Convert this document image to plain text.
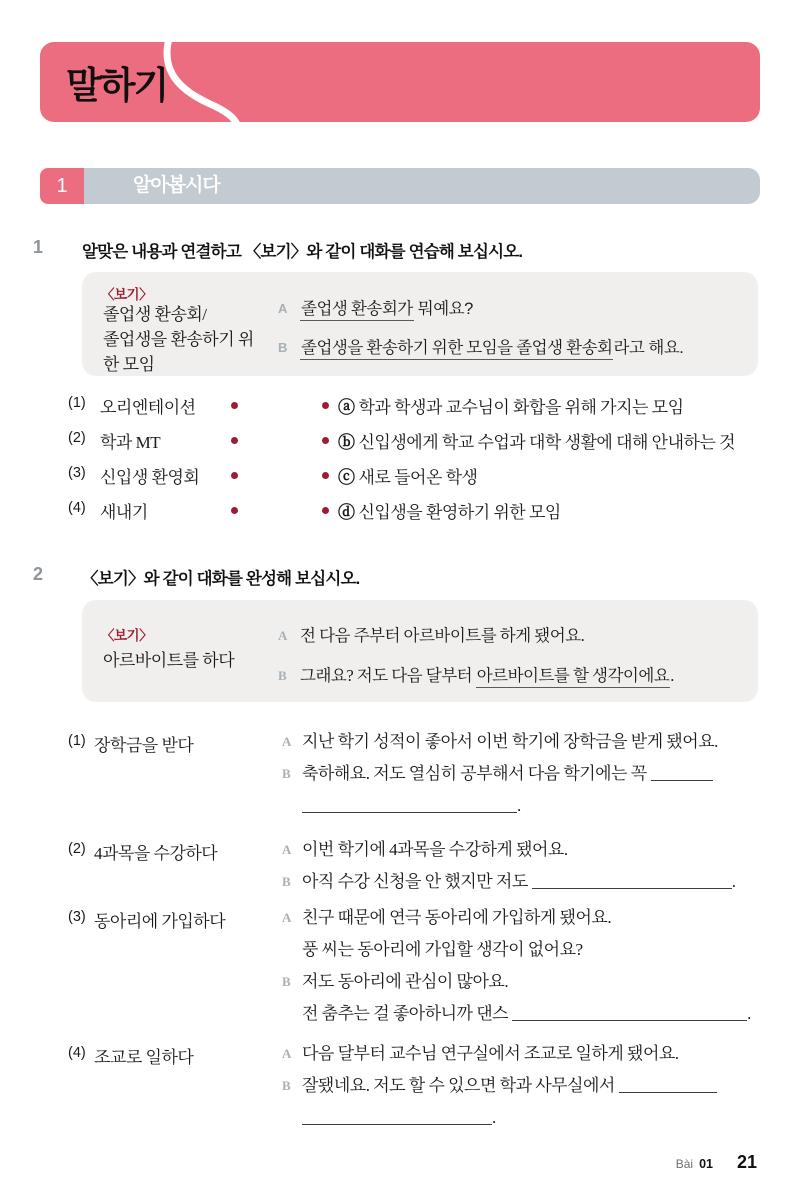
말하기
1	알아봅시다
1 알맞은 내용과 연결하고 〈보기〉와 같이 대화를 연습해 보십시오.
〈보기〉
졸업생 환송회/
졸업생을 환송하기 위
한 모임
A 졸업생 환송회가 뭐예요?
B 졸업생을 환송하기 위한 모임을 졸업생 환송회라고 해요.
(1) 오리엔테이션	ⓐ 학과 학생과 교수님이 화합을 위해 가지는 모임
(2) 학과 MT	ⓑ 신입생에게 학교 수업과 대학 생활에 대해 안내하는 것
(3) 신입생 환영회	ⓒ 새로 들어온 학생
(4) 새내기	ⓓ 신입생을 환영하기 위한 모임
2 〈보기〉와 같이 대화를 완성해 보십시오.
〈보기〉
아르바이트를 하다
A 전 다음 주부터 아르바이트를 하게 됐어요.
B 그래요? 저도 다음 달부터 아르바이트를 할 생각이에요.
(1) 장학금을 받다	A 지난 학기 성적이 좋아서 이번 학기에 장학금을 받게 됐어요.
B 축하해요. 저도 열심히 공부해서 다음 학기에는 꼭
.
(2) 4과목을 수강하다	A 이번 학기에 4과목을 수강하게 됐어요.
B 아직 수강 신청을 안 했지만 저도	.
(3) 동아리에 가입하다	A 친구 때문에 연극 동아리에 가입하게 됐어요.
풍 씨는 동아리에 가입할 생각이 없어요?
B 저도 동아리에 관심이 많아요.
전 춤추는 걸 좋아하니까 댄스	.
(4) 조교로 일하다	A 다음 달부터 교수님 연구실에서 조교로 일하게 됐어요.
B 잘됐네요. 저도 할 수 있으면 학과 사무실에서
.
Bài 01 21
